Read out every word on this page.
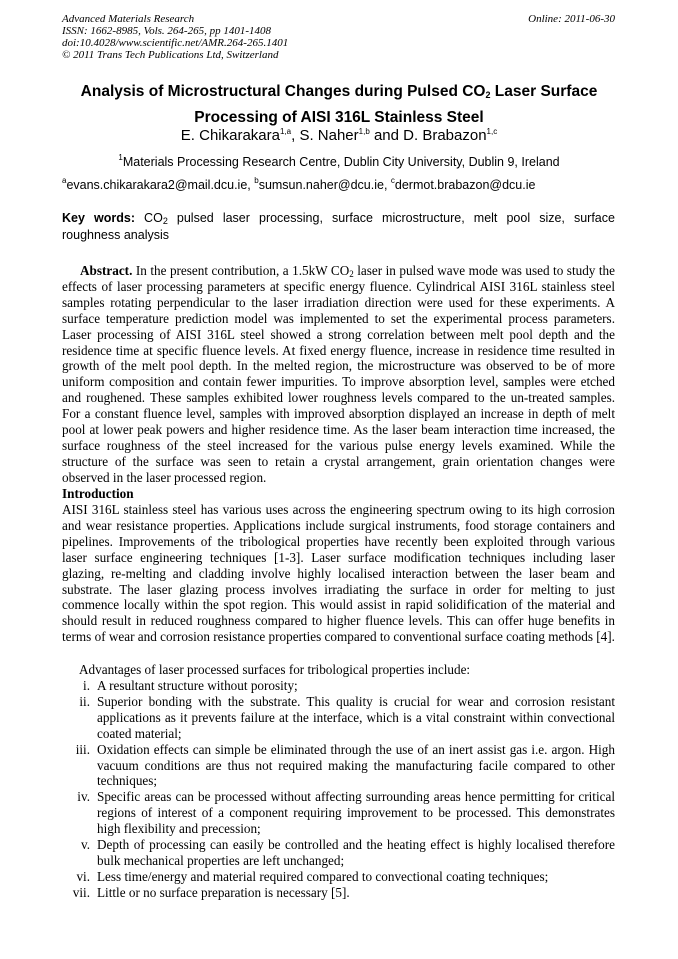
Advanced Materials Research
ISSN: 1662-8985, Vols. 264-265, pp 1401-1408
doi:10.4028/www.scientific.net/AMR.264-265.1401
© 2011 Trans Tech Publications Ltd, Switzerland
Online: 2011-06-30
Analysis of Microstructural Changes during Pulsed $CO_2$ Laser Surface Processing of AISI 316L Stainless Steel
E. Chikarakara$^{1,a}$, S. Naher$^{1,b}$ and D. Brabazon$^{1,c}$
$^1$Materials Processing Research Centre, Dublin City University, Dublin 9, Ireland
$^a$evans.chikarakara2@mail.dcu.ie, $^b$sumsun.naher@dcu.ie, $^c$dermot.brabazon@dcu.ie
Key words: $CO_2$ pulsed laser processing, surface microstructure, melt pool size, surface roughness analysis
Abstract. In the present contribution, a 1.5kW $CO_2$ laser in pulsed wave mode was used to study the effects of laser processing parameters at specific energy fluence. Cylindrical AISI 316L stainless steel samples rotating perpendicular to the laser irradiation direction were used for these experiments. A surface temperature prediction model was implemented to set the experimental process parameters. Laser processing of AISI 316L steel showed a strong correlation between melt pool depth and the residence time at specific fluence levels. At fixed energy fluence, increase in residence time resulted in growth of the melt pool depth. In the melted region, the microstructure was observed to be of more uniform composition and contain fewer impurities. To improve absorption level, samples were etched and roughened. These samples exhibited lower roughness levels compared to the un-treated samples. For a constant fluence level, samples with improved absorption displayed an increase in depth of melt pool at lower peak powers and higher residence time. As the laser beam interaction time increased, the surface roughness of the steel increased for the various pulse energy levels examined. While the structure of the surface was seen to retain a crystal arrangement, grain orientation changes were observed in the laser processed region.
Introduction
AISI 316L stainless steel has various uses across the engineering spectrum owing to its high corrosion and wear resistance properties. Applications include surgical instruments, food storage containers and pipelines. Improvements of the tribological properties have recently been exploited through various laser surface engineering techniques [1-3]. Laser surface modification techniques including laser glazing, re-melting and cladding involve highly localised interaction between the laser beam and substrate. The laser glazing process involves irradiating the surface in order for melting to just commence locally within the spot region. This would assist in rapid solidification of the material and should result in reduced roughness compared to higher fluence levels. This can offer huge benefits in terms of wear and corrosion resistance properties compared to conventional surface coating methods [4].
Advantages of laser processed surfaces for tribological properties include:
i. A resultant structure without porosity;
ii. Superior bonding with the substrate. This quality is crucial for wear and corrosion resistant applications as it prevents failure at the interface, which is a vital constraint within convectional coated material;
iii. Oxidation effects can simple be eliminated through the use of an inert assist gas i.e. argon. High vacuum conditions are thus not required making the manufacturing facile compared to other techniques;
iv. Specific areas can be processed without affecting surrounding areas hence permitting for critical regions of interest of a component requiring improvement to be processed. This demonstrates high flexibility and precession;
v. Depth of processing can easily be controlled and the heating effect is highly localised therefore bulk mechanical properties are left unchanged;
vi. Less time/energy and material required compared to convectional coating techniques;
vii. Little or no surface preparation is necessary [5].
